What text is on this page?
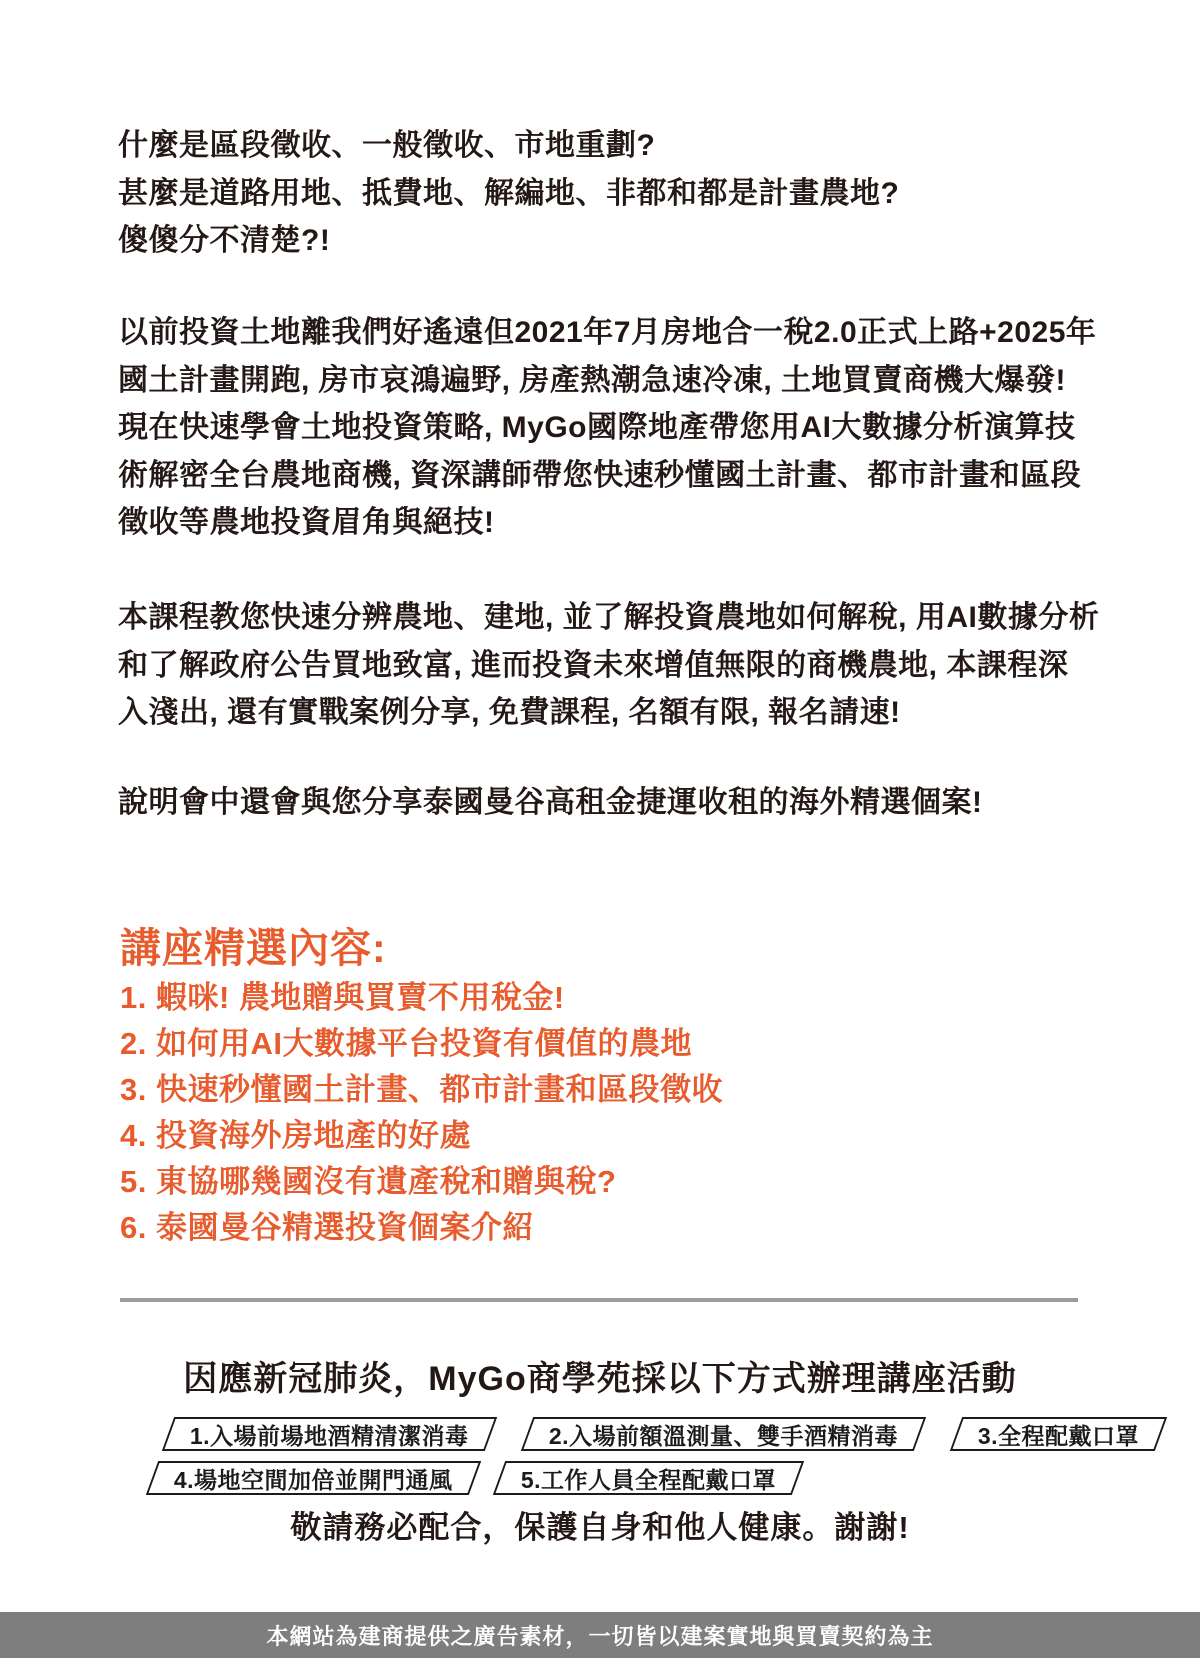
什麼是區段徵收、一般徵收、市地重劃?
甚麼是道路用地、抵費地、解編地、非都和都是計畫農地?
傻傻分不清楚?!
以前投資土地離我們好遙遠但2021年7月房地合一稅2.0正式上路+2025年
國土計畫開跑, 房市哀鴻遍野, 房產熱潮急速冷凍, 土地買賣商機大爆發!
現在快速學會土地投資策略, MyGo國際地產帶您用AI大數據分析演算技
術解密全台農地商機, 資深講師帶您快速秒懂國土計畫、都市計畫和區段
徵收等農地投資眉角與絕技!
本課程教您快速分辨農地、建地, 並了解投資農地如何解稅, 用AI數據分析
和了解政府公告買地致富, 進而投資未來增值無限的商機農地, 本課程深
入淺出, 還有實戰案例分享, 免費課程, 名額有限, 報名請速!
說明會中還會與您分享泰國曼谷高租金捷運收租的海外精選個案!
講座精選內容:
1. 蝦咪! 農地贈與買賣不用稅金!
2. 如何用AI大數據平台投資有價值的農地
3. 快速秒懂國土計畫、都市計畫和區段徵收
4. 投資海外房地產的好處
5. 東協哪幾國沒有遺產稅和贈與稅?
6. 泰國曼谷精選投資個案介紹
因應新冠肺炎，MyGo商學苑採以下方式辦理講座活動
1.入場前場地酒精清潔消毒	2.入場前額溫測量、雙手酒精消毒	3.全程配戴口罩
4.場地空間加倍並開門通風	5.工作人員全程配戴口罩
敬請務必配合，保護自身和他人健康。謝謝!
本網站為建商提供之廣告素材，一切皆以建案實地與買賣契約為主
